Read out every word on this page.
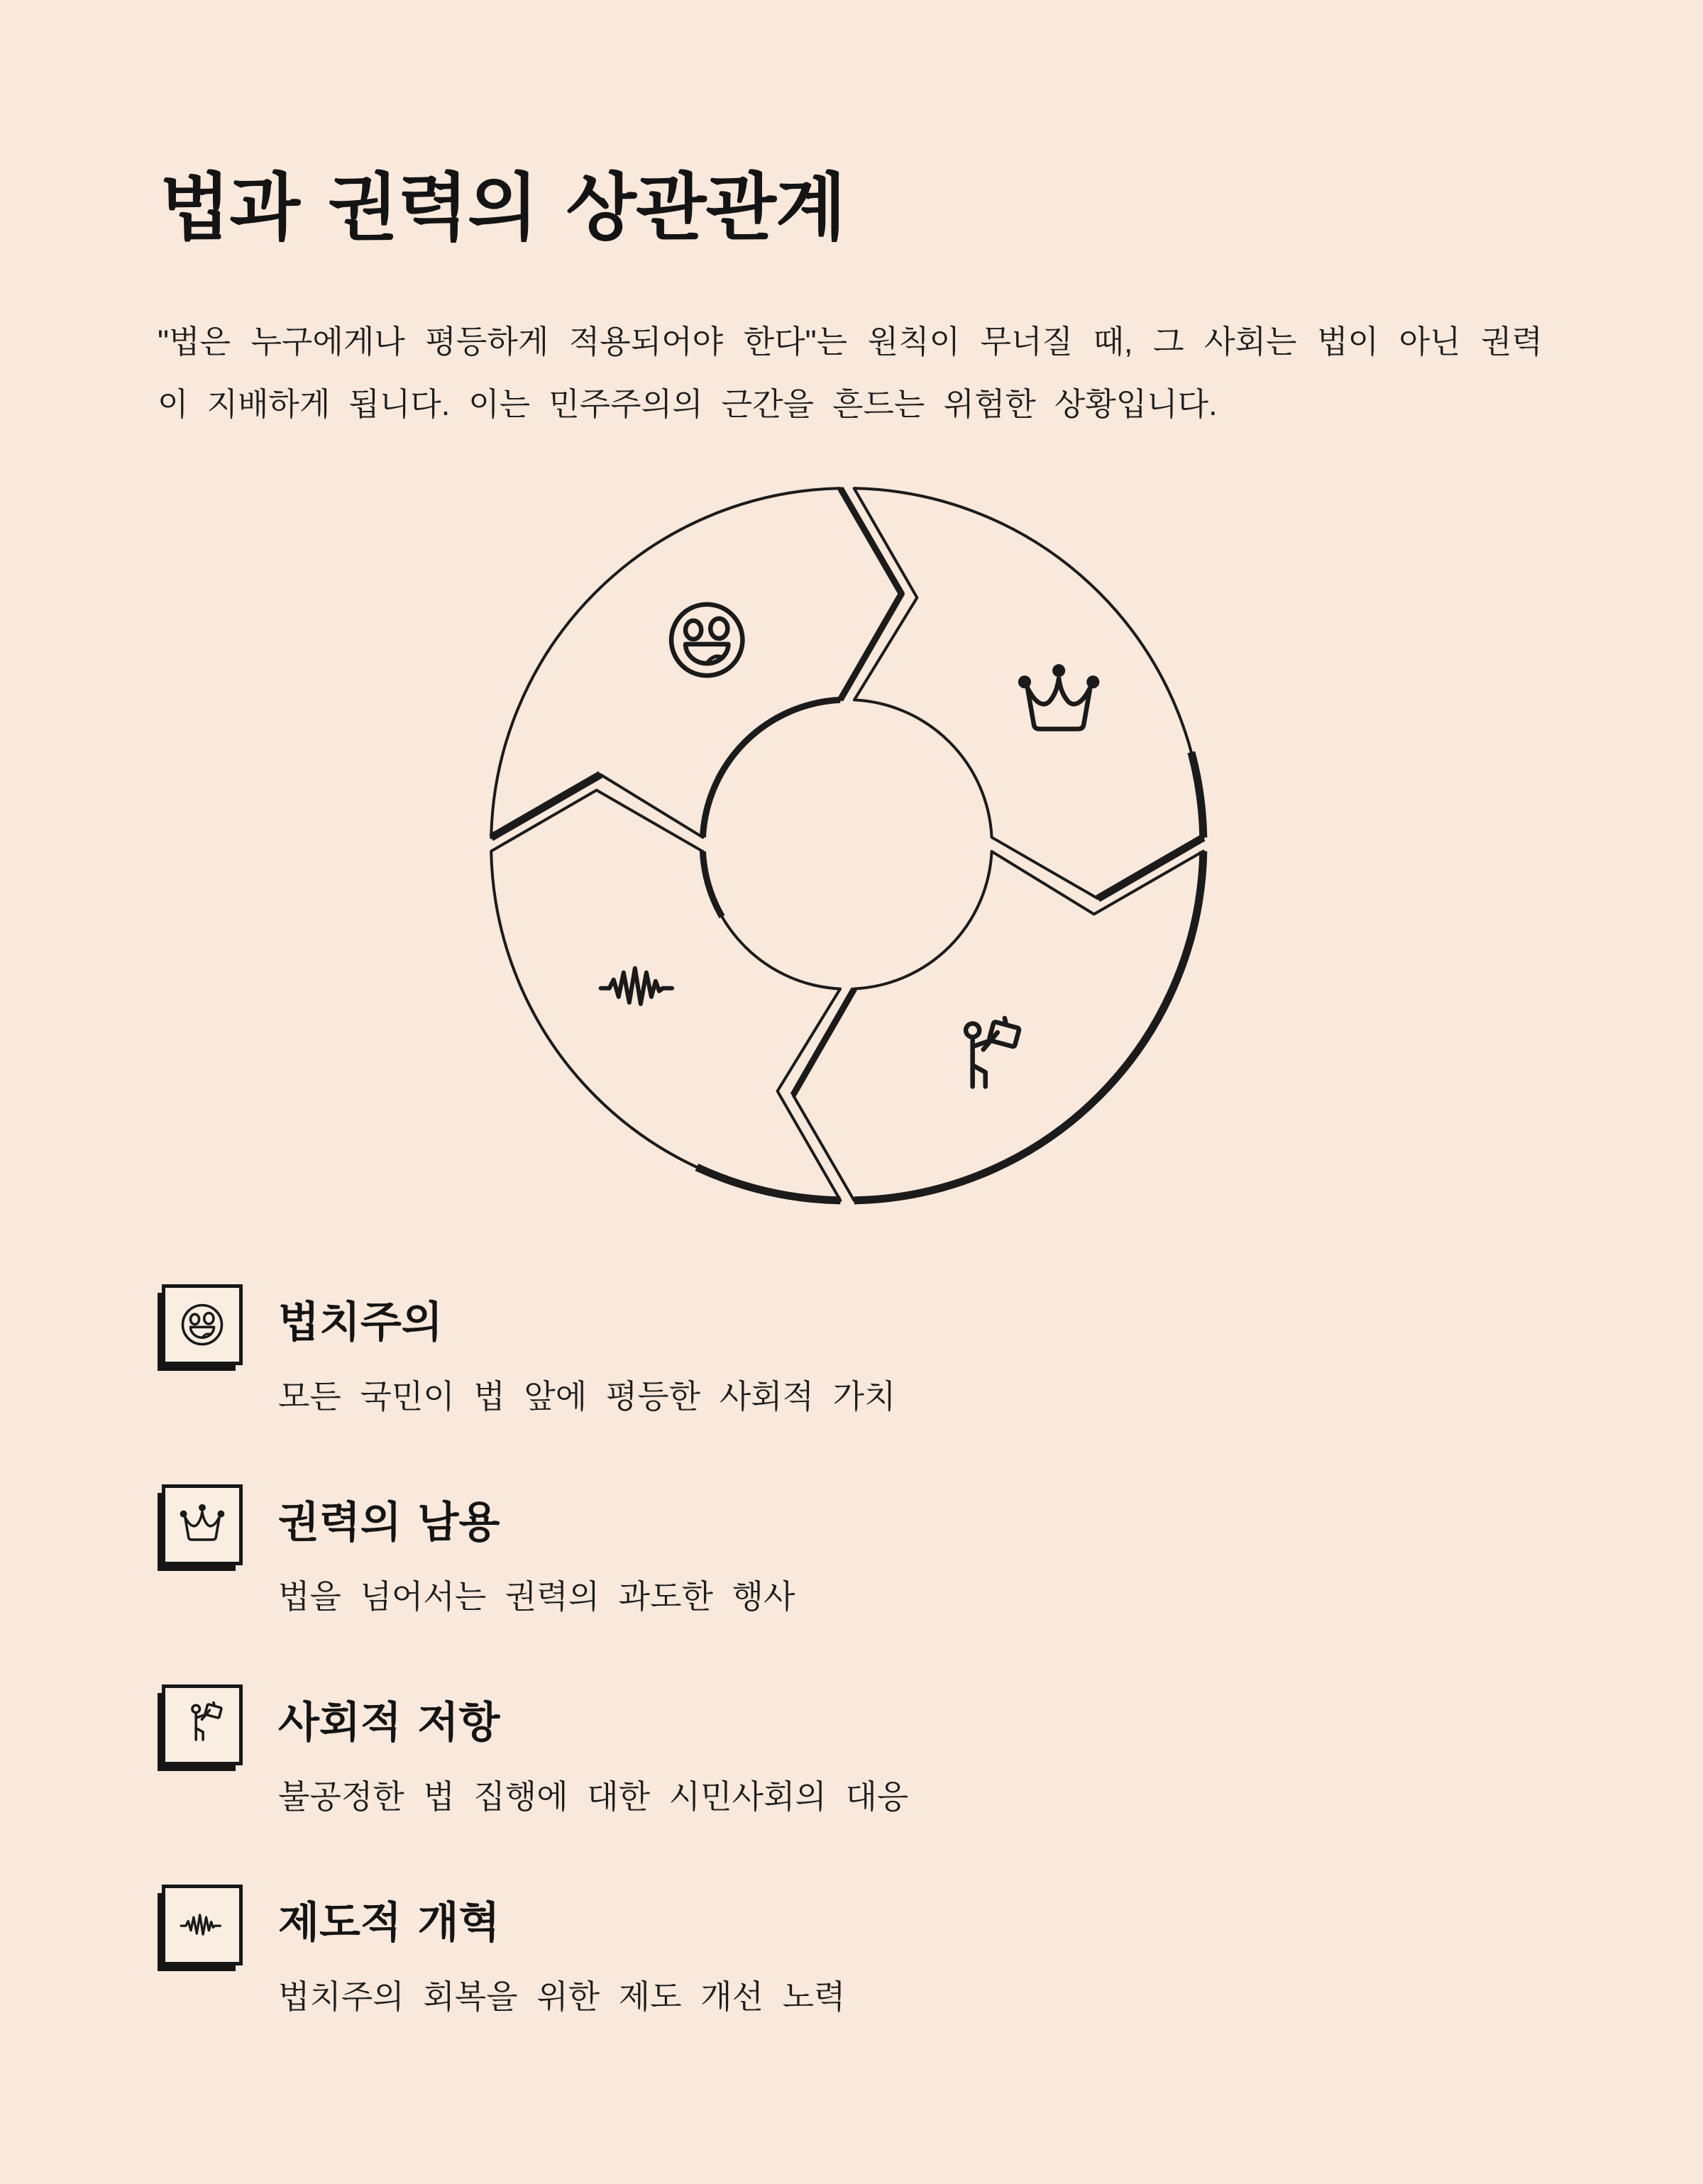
법과 권력의 상관관계

"법은 누구에게나 평등하게 적용되어야 한다"는 원칙이 무너질 때, 그 사회는 법이 아닌 권력이 지배하게 됩니다. 이는 민주주의의 근간을 흔드는 위험한 상황입니다.

법치주의
모든 국민이 법 앞에 평등한 사회적 가치
권력의 남용
법을 넘어서는 권력의 과도한 행사
사회적 저항
불공정한 법 집행에 대한 시민사회의 대응
제도적 개혁
법치주의 회복을 위한 제도 개선 노력
